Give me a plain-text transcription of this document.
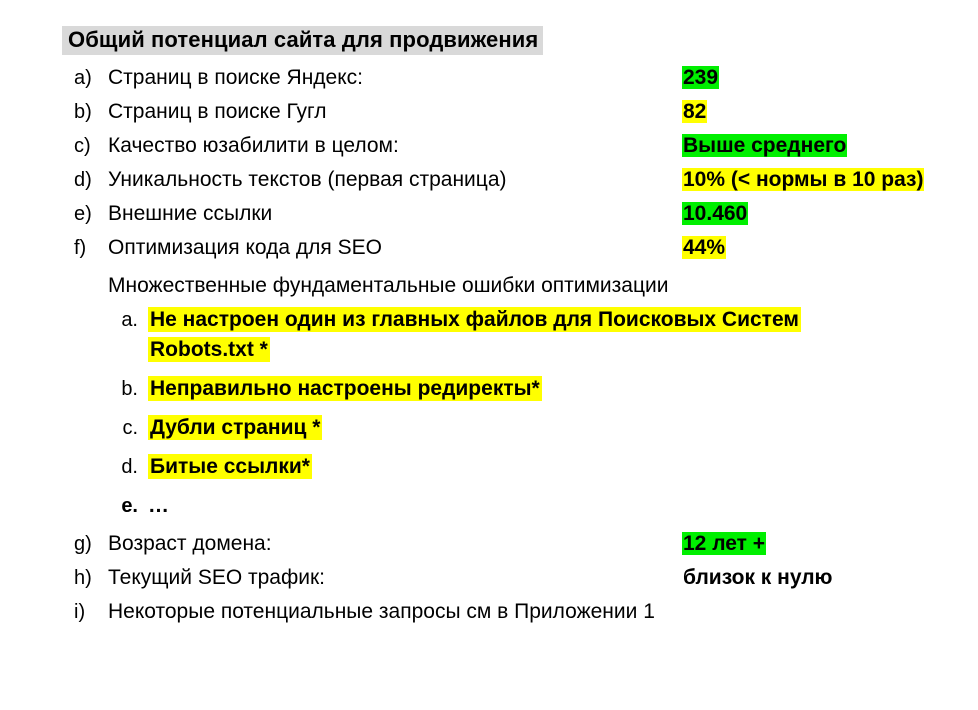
Общий потенциал сайта для продвижения
a) Страниц в поиске Яндекс:	239
b) Страниц в поиске Гугл	82
c) Качество юзабилити в целом:	Выше среднего
d) Уникальность текстов (первая страница)	10% (< нормы в 10 раз)
e) Внешние ссылки	10.460
f)	Оптимизация кода для SEO	44%
Множественные фундаментальные ошибки оптимизации
a. Не настроен один из главных файлов для Поисковых Систем
Robots.txt *
b. Неправильно настроены редиректы*
c. Дубли страниц *
d. Битые ссылки*
e. …
g) Возраст домена:	12 лет +
h) Текущий SEO трафик:	близок к нулю
i)	Некоторые потенциальные запросы см в Приложении 1
